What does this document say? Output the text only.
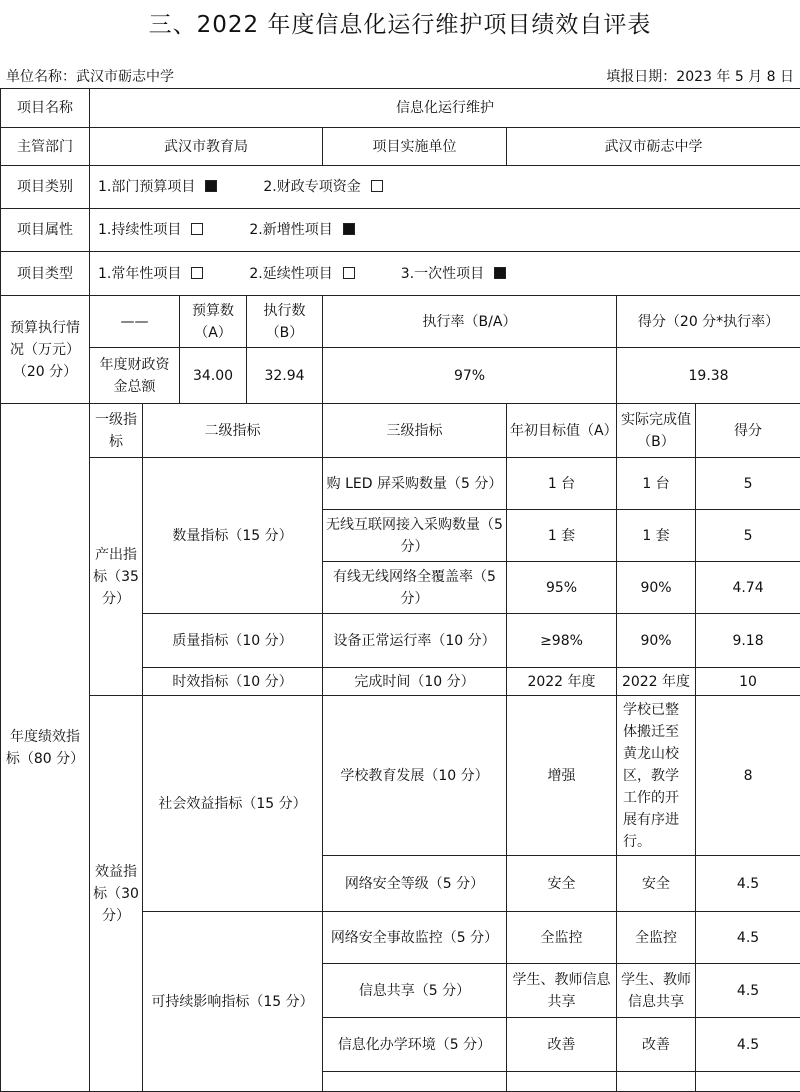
三、2022 年度信息化运行维护项目绩效自评表
单位名称：武汉市砺志中学	填报日期：2023 年 5 月 8 日
项目名称	信息化运行维护							
主管部门	武汉市教育局				项目实施单位	武汉市砺志中学		
项目类别	1.部门预算项目 2.财政专项资金							
项目属性	1.持续性项目 2.新增性项目							
项目类型	1.常年性项目 2.延续性项目 3.一次性项目							
预算执行情况（万元）（20 分）	——		预算数（A）	执行数（B）	执行率（B/A）		得分（20 分*执行率）	
	年度财政资金总额		34.00	32.94	97%		19.38	
年度绩效指标（80 分）	一级指标	二级指标			三级指标	年初目标值（A）	实际完成值（B）	得分
	产出指标（35 分）	数量指标（15 分）			购 LED 屏采购数量（5 分）	1 台	1 台	5
					无线互联网接入采购数量（5 分）	1 套	1 套	5
					有线无线网络全覆盖率（5 分）	95%	90%	4.74
		质量指标（10 分）			设备正常运行率（10 分）	≥98%	90%	9.18
		时效指标（10 分）			完成时间（10 分）	2022 年度	2022 年度	10
	效益指标（30 分）	社会效益指标（15 分）			学校教育发展（10 分）	增强	学校已整体搬迁至黄龙山校区，教学工作的开展有序进行。	8
					网络安全等级（5 分）	安全	安全	4.5
		可持续影响指标（15 分）			网络安全事故监控（5 分）	全监控	全监控	4.5
					信息共享（5 分）	学生、教师信息共享	学生、教师信息共享	4.5
					信息化办学环境（5 分）	改善	改善	4.5
